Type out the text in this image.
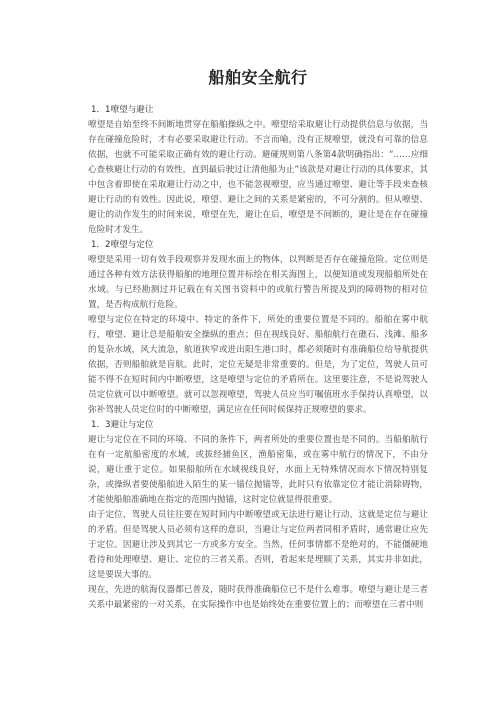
船舶安全航行
1．1嘹望与避让

嘹望是自始至终不间断地贯穿在船舶操纵之中。嘹望给采取避让行动提供信息与依据，当存在碰撞危险时，才有必要采取避让行动。不言而喻，没有正规嘹望，就没有可靠的信息依据，也就不可能采取正确有效的避让行动。避碰规则第八条第4款明确指出：“……应细心查核避让行动的有效性，直到最后驶过让清他船为止”该款是对避让行动的具体要求，其中包含着即使在采取避让行动之中，也不能忽视嘹望，应当通过嘹望、避让等手段来查核避让行动的有效性。因此说，嘹望、避让之间的关系是紧密的，不可分割的。但从嘹望、避让的动作发生的时间来说，嘹望在先，避让在后，嘹望是不间断的，避让是在存在碰撞危险时才发生。

1．2嘹望与定位

嘹望是采用一切有效手段观察并发现水面上的物体，以判断是否存在碰撞危险。定位则是通过各种有效方法获得船舶的地理位置并标绘在相关海图上，以便知道或发现船舶所处在水域。与已经勘测过并记载在有关图书资料中的或航行警告所提及到的障碍物的相对位置，是否构成航行危险。

嘹望与定位在特定的环境中、特定的条件下，所处的重要位置是不同的。船舶在雾中航行，嘹望、避让总是船舶安全操纵的重点；但在视线良好、船舶航行在礁石、浅滩、船多的复杂水域，风大流急，航道狭窄或进出阳生港口时，都必须随时有准确船位给导航提供依据，否则船舶就是盲航。此时，定位无疑是非常重要的。但是，为了定位，驾驶人员可能不得不在短时间内中断嘹望，这是嘹望与定位的矛盾所在。这里要注意，不是说驾驶人员定位就可以中断嘹望。就可以忽视嘹望，驾驶人员应当叮嘱值班水手保持认真嘹望，以弥补驾驶人员定位时的中断嘹望，满足应在任何时候保持正规嘹望的要求。

1．3避让与定位

避让与定位在不同的环境、不同的条件下，两者所处的重要位置也是不同的。当船舶航行在有一定航船密度的水域，或拔经捕鱼区，渔船密集，或在雾中航行的情况下，不由分说，避让重于定位。如果船舶所在水域视线良好，水面上无特殊情况而水下情况特别复杂，或操纵者要使船舶进入陌生的某一锚位抛锚等，此时只有依靠定位才能让消除碍物，才能使船舶准确地在指定的范围内抛锚，这时定位就显得很重要。

由于定位，驾驶人员往往要在短时间内中断嘹望或无法进行避让行动，这就是定位与避让的矛盾。但是驾驶人员必须有这样的意识，当避让与定位两者同相矛盾时，通常避让应先于定位。因避让涉及到其它一方或多方安全。当然，任何事情都不是绝对的，不能僵硬地看待和处理嘹望、避让、定位的三者关系。否则，看起来是埋顺了关系，其实并非如此，这是要误大事的。

现在，先进的航海仪器都已普及，随时获得准确船位已不是什么难事。嘹望与避让是三者关系中最紧密的一对关系，在实际操作中也是始终处在重要位置上的；而嘹望在三者中则
